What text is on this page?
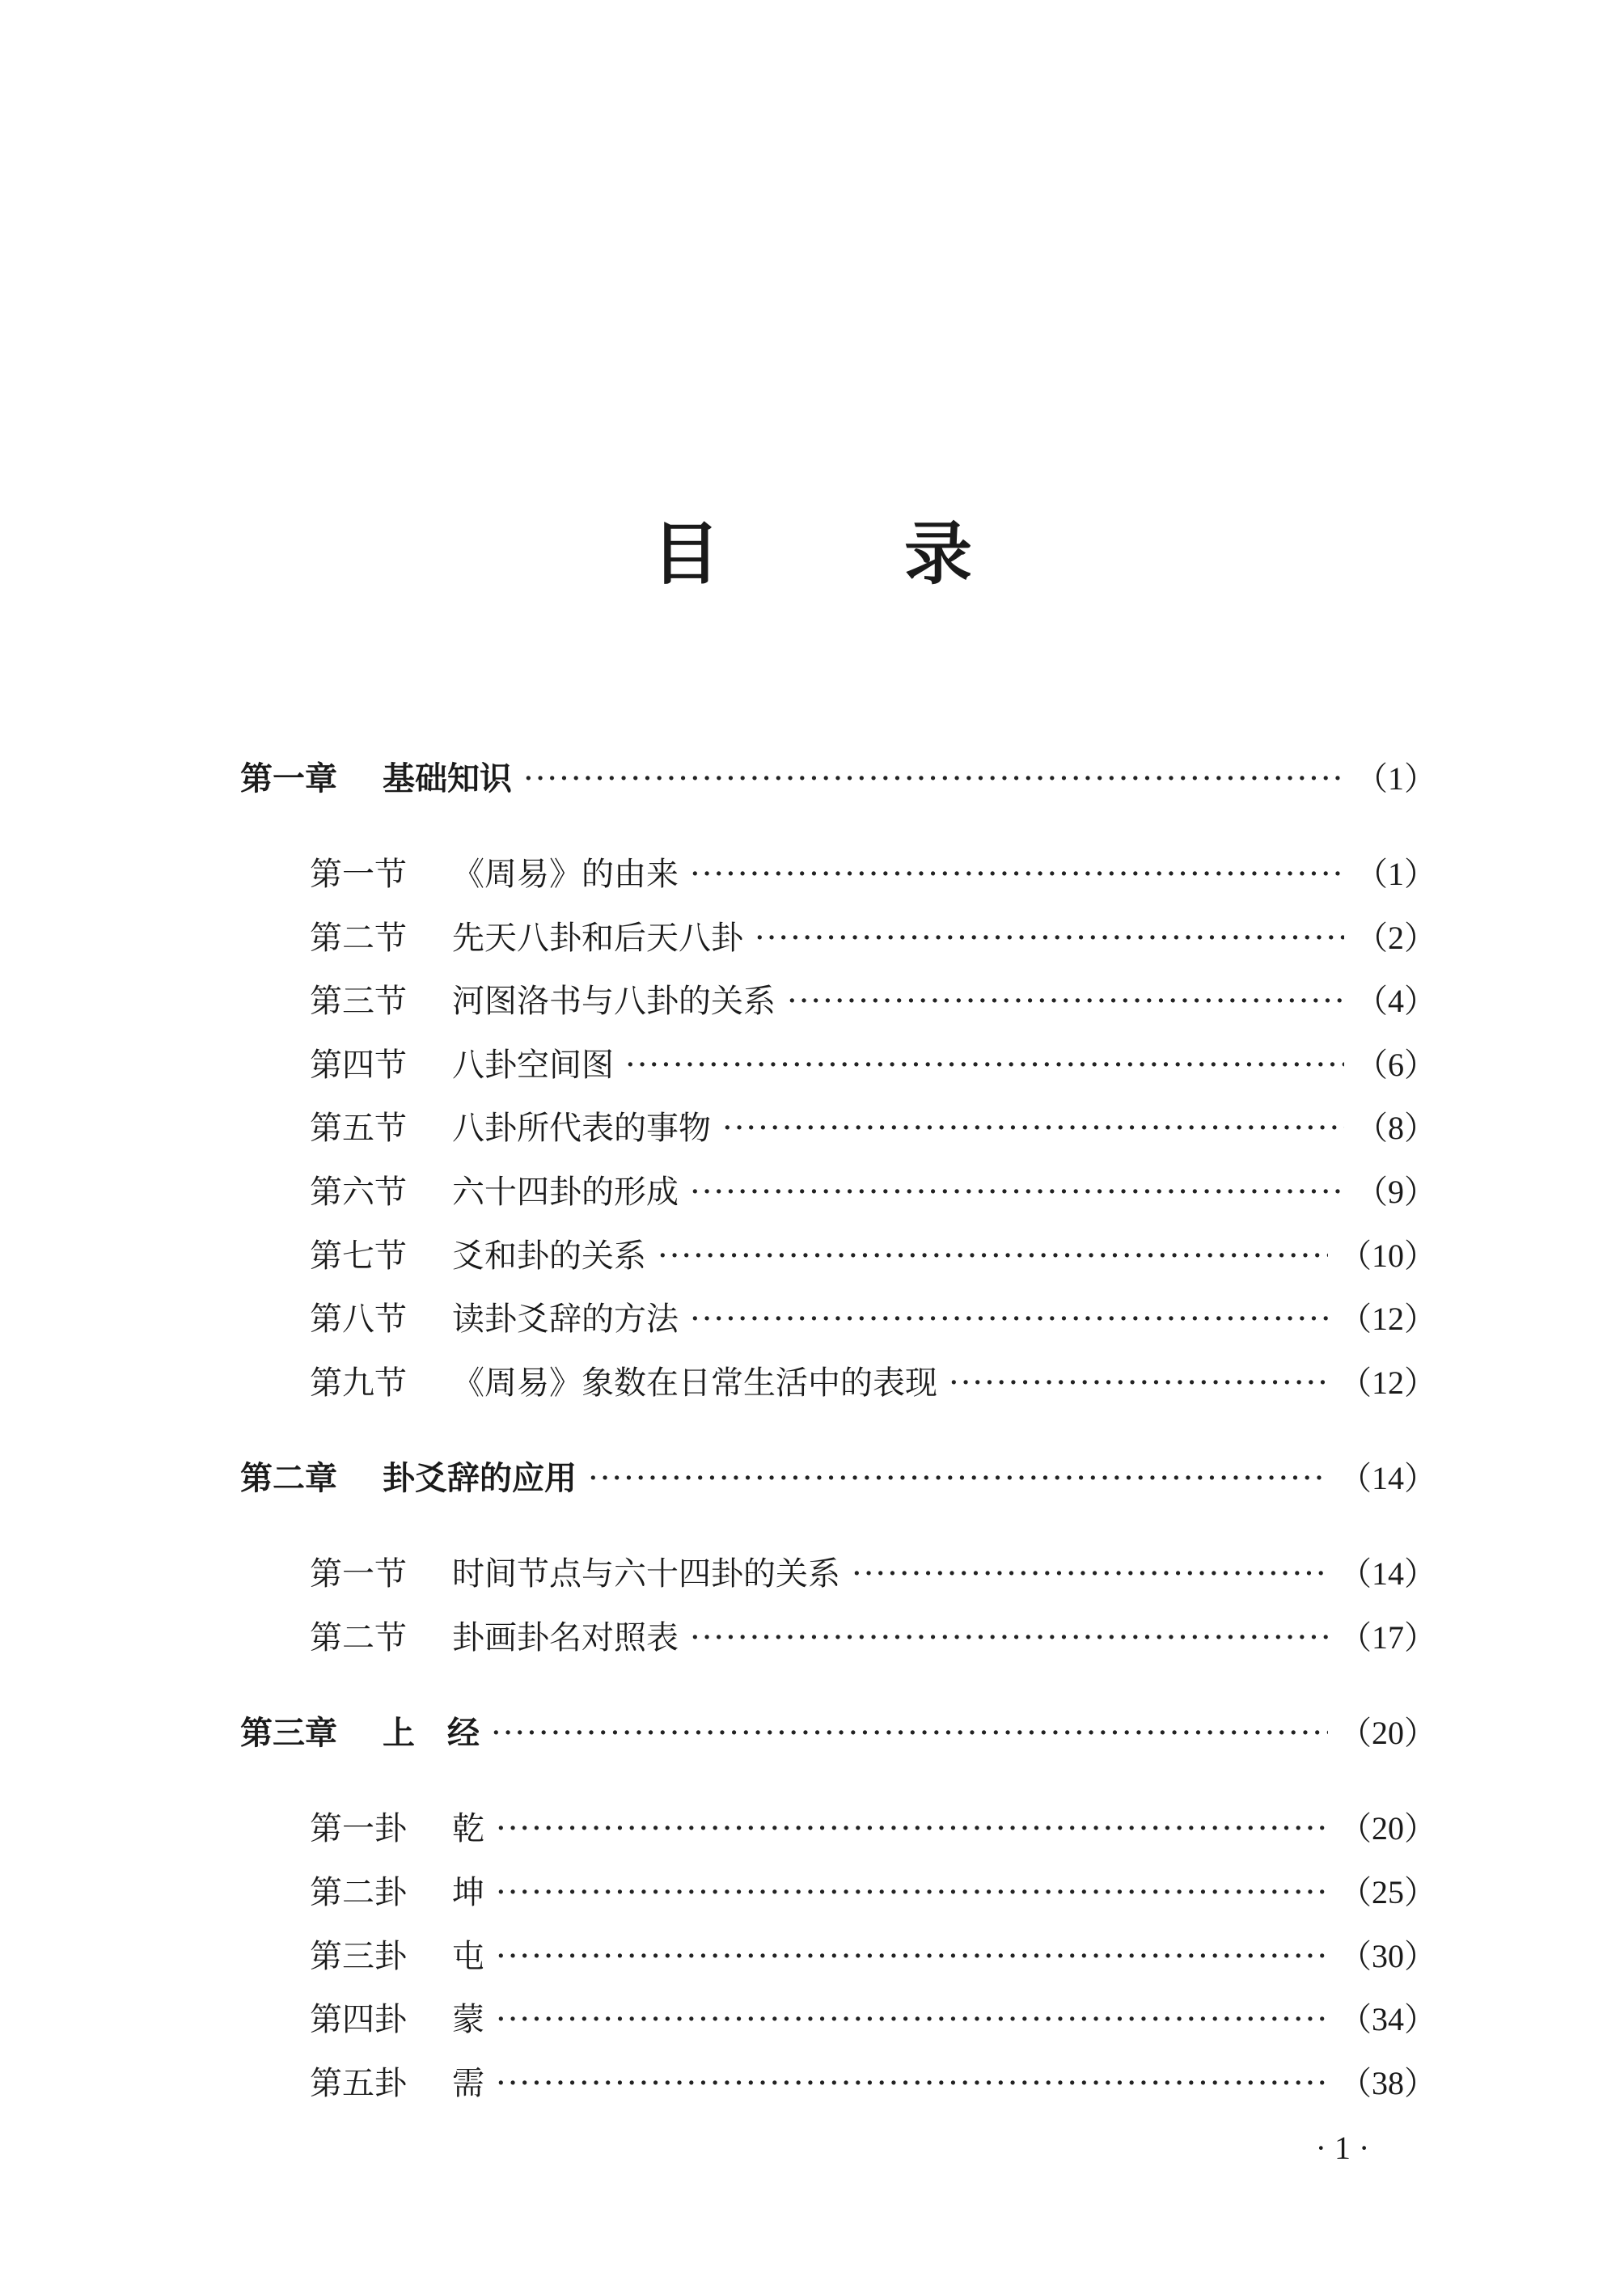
目　录
第一章 基础知识 ·····	（1）
第一节 《周易》的由来 ·····	（1）
第二节 先天八卦和后天八卦 ·····	（2）
第三节 河图洛书与八卦的关系 ·····	（4）
第四节 八卦空间图 ·····	（6）
第五节 八卦所代表的事物 ·····	（8）
第六节 六十四卦的形成 ·····	（9）
第七节 爻和卦的关系 ·····	（10）
第八节 读卦爻辞的方法 ·····	（12）
第九节 《周易》象数在日常生活中的表现 ·····	（12）
第二章 卦爻辞的应用 ·····	（14）
第一节 时间节点与六十四卦的关系 ·····	（14）
第二节 卦画卦名对照表 ·····	（17）
第三章 上　经 ·····	（20）
第一卦 乾 ·····	（20）
第二卦 坤 ·····	（25）
第三卦 屯 ·····	（30）
第四卦 蒙 ·····	（34）
第五卦 需 ·····	（38）
· 1 ·
